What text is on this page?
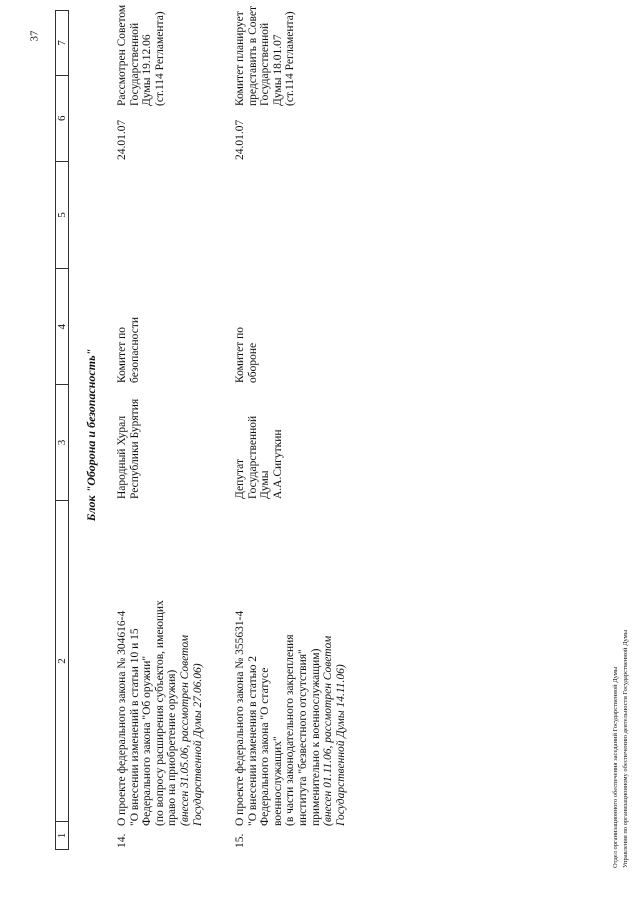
37
1
2
3
4
5
6
7
Блок "Оборона и безопасность"
14.
О проекте федерального закона № 304616-4 "О внесении изменений в статьи 10 и 15 Федерального закона "Об оружии" (по вопросу расширения субъектов, имеющих право на приобретение оружия) (внесен 31.05.06, рассмотрен Советом Государственной Думы 27.06.06)
Народный Хурал Республики Бурятия
Комитет по безопасности
24.01.07
Рассмотрен Советом Государственной Думы 19.12.06 (ст.114 Регламента)
15.
О проекте федерального закона № 355631-4 "О внесении изменения в статью 2 Федерального закона "О статусе военнослужащих" (в части законодательного закрепления института "безвестного отсутствия" применительно к военнослужащим) (внесен 01.11.06, рассмотрен Советом Государственной Думы 14.11.06)
Депутат Государственной Думы А.А.Сигуткин
Комитет по обороне
24.01.07
Комитет планирует представить в Совет Государственной Думы 18.01.07 (ст.114 Регламента)
Отдел организационного обеспечения заседаний Государственной Думы Управления по организационному обеспечению деятельности Государственной Думы
